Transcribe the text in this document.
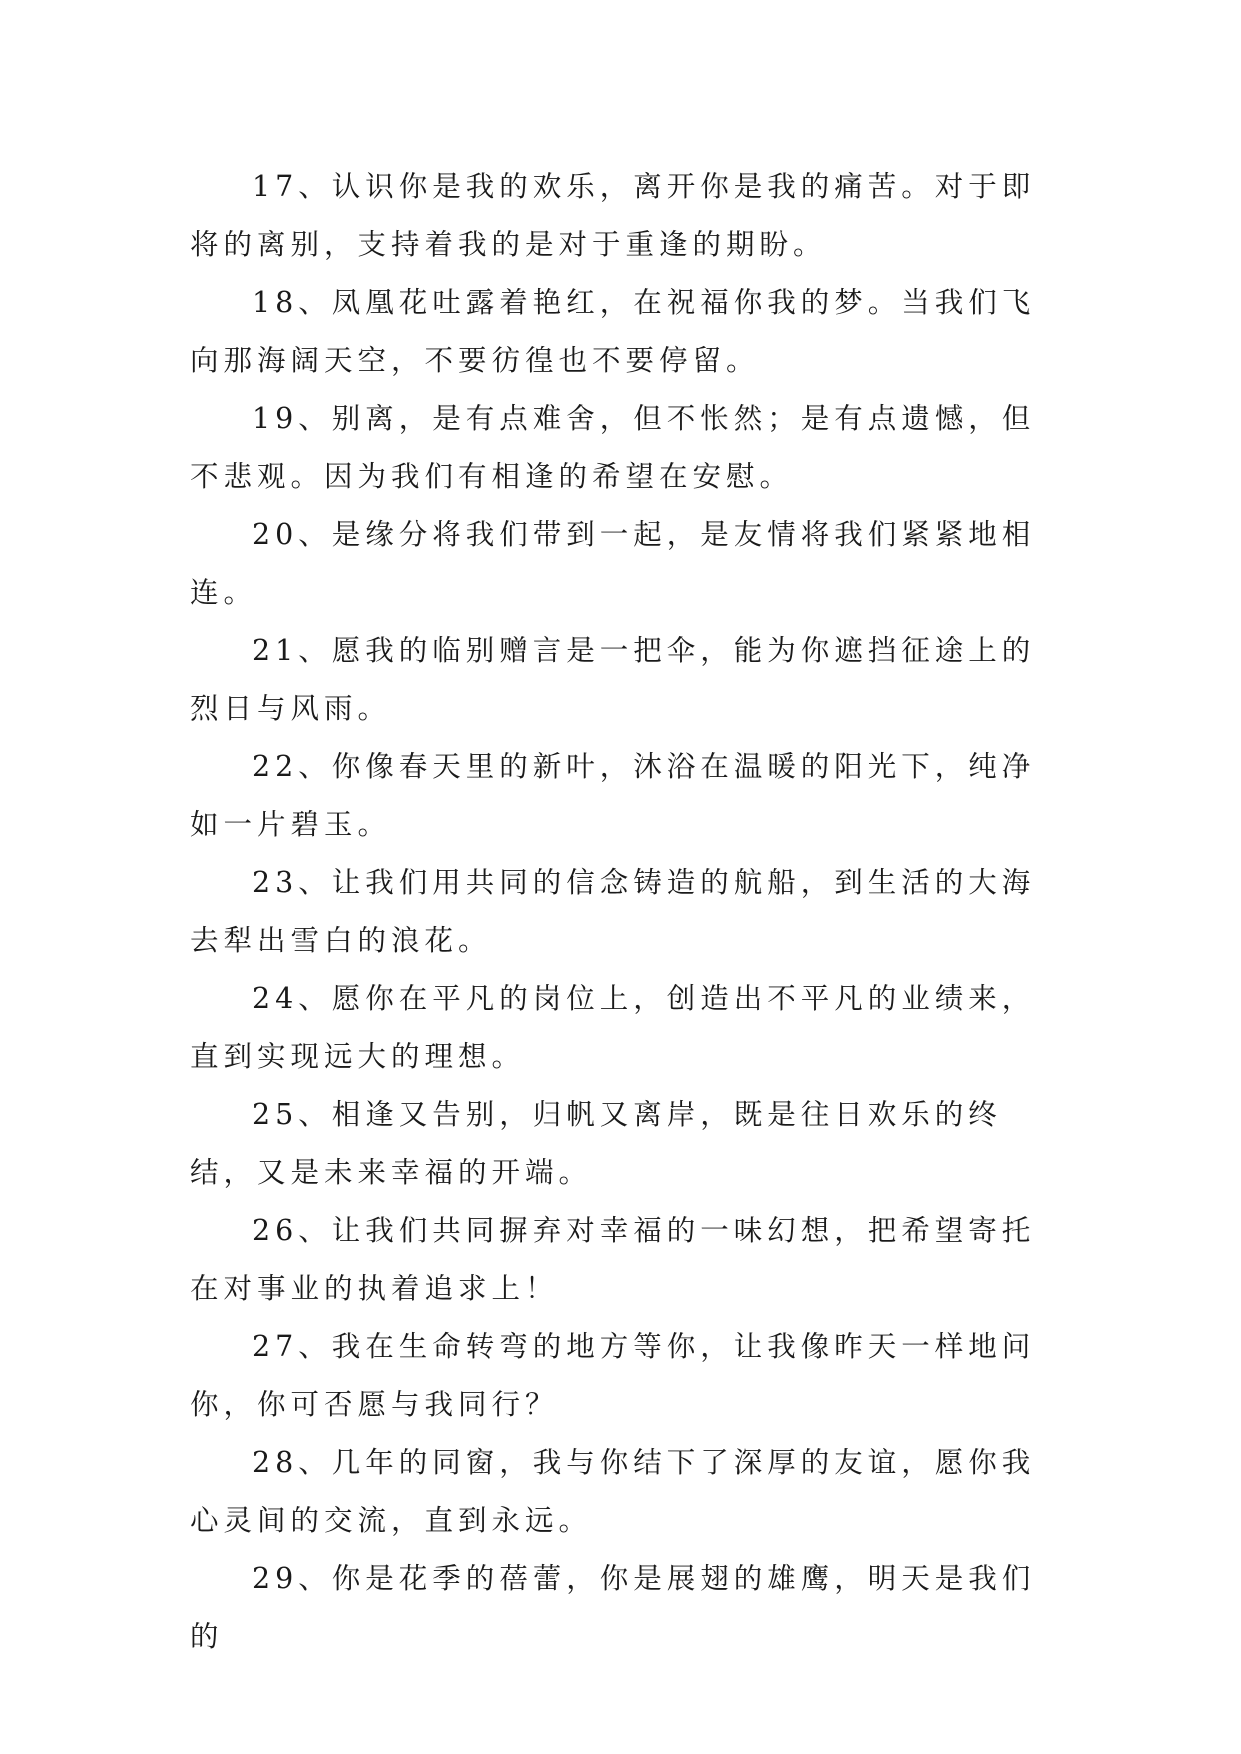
17、认识你是我的欢乐，离开你是我的痛苦。对于即将的离别，支持着我的是对于重逢的期盼。

18、凤凰花吐露着艳红，在祝福你我的梦。当我们飞向那海阔天空，不要彷徨也不要停留。

19、别离，是有点难舍，但不怅然；是有点遗憾，但不悲观。因为我们有相逢的希望在安慰。

20、是缘分将我们带到一起，是友情将我们紧紧地相连。

21、愿我的临别赠言是一把伞，能为你遮挡征途上的烈日与风雨。

22、你像春天里的新叶，沐浴在温暖的阳光下，纯净如一片碧玉。

23、让我们用共同的信念铸造的航船，到生活的大海去犁出雪白的浪花。

24、愿你在平凡的岗位上，创造出不平凡的业绩来，直到实现远大的理想。

25、相逢又告别，归帆又离岸，既是往日欢乐的终结，又是未来幸福的开端。

26、让我们共同摒弃对幸福的一味幻想，把希望寄托在对事业的执着追求上！

27、我在生命转弯的地方等你，让我像昨天一样地问你，你可否愿与我同行？

28、几年的同窗，我与你结下了深厚的友谊，愿你我心灵间的交流，直到永远。

29、你是花季的蓓蕾，你是展翅的雄鹰，明天是我们的
